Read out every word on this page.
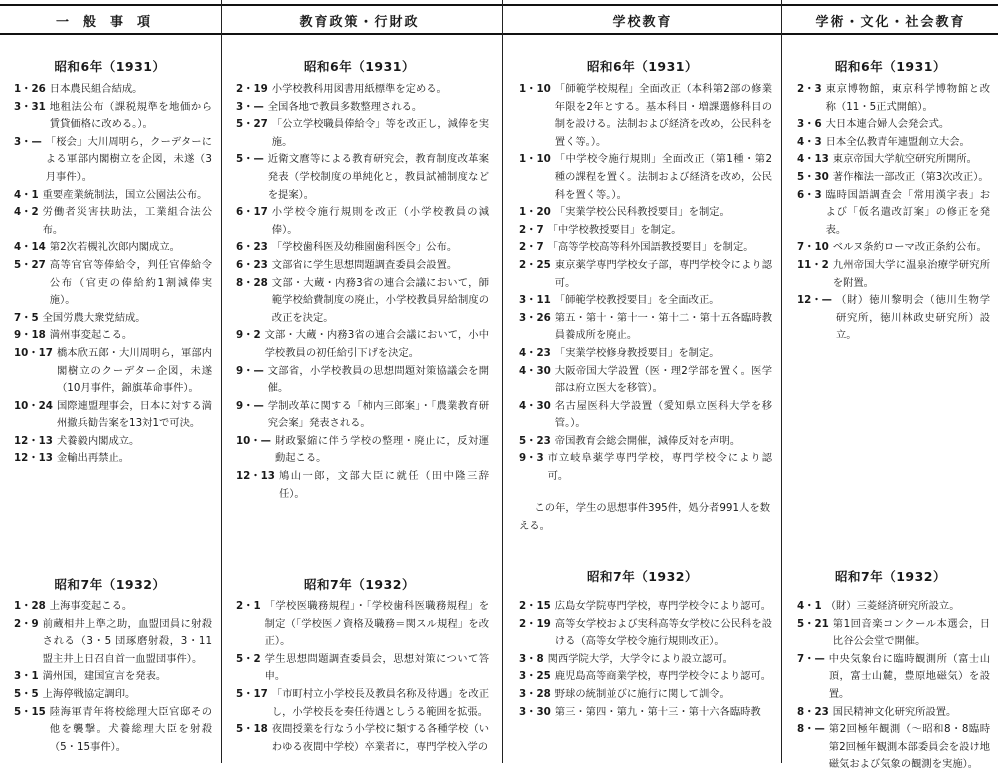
一般事項
昭和6年（1931）
1・26 日本農民組合結成。
3・31 地租法公布（課税規準を地価から賃貸価格に改める。）。
3・— 「桜会」大川周明ら，クーデターによる軍部内閣樹立を企図，未遂（3月事件）。
4・1 重要産業統制法，国立公園法公布。
4・2 労働者災害扶助法，工業組合法公布。
4・14 第2次若槻礼次郎内閣成立。
5・27 高等官官等俸給令，判任官俸給令公布（官吏の俸給約1割減俸実施）。
7・5 全国労農大衆党結成。
9・18 満州事変起こる。
10・17 橋本欣五郎・大川周明ら，軍部内閣樹立のクーデター企図，未遂（10月事件，錦旗革命事件）。
10・24 国際連盟理事会，日本に対する満州撤兵勧告案を13対1で可決。
12・13 犬養毅内閣成立。
12・13 金輸出再禁止。
昭和7年（1932）
1・28 上海事変起こる。
2・9 前蔵相井上準之助，血盟団員に射殺される（3・5 団琢磨射殺，3・11盟主井上日召自首一血盟団事件）。
3・1 満州国，建国宣言を発表。
5・5 上海停戦協定調印。
5・15 陸海軍青年将校総理大臣官邸その他を襲撃。犬養総理大臣を射殺（5・15事件）。
教育政策・行財政
昭和6年（1931）
2・19 小学校教科用図書用紙標準を定める。
3・— 全国各地で教員多数整理される。
5・27 「公立学校職員俸給令」等を改正し，減俸を実施。
5・— 近衛文麿等による教育研究会，教育制度改革案発表（学校制度の単純化と，教員試補制度などを提案）。
6・17 小学校令施行規則を改正（小学校教員の減俸）。
6・23 「学校歯科医及幼稚園歯科医令」公布。
6・23 文部省に学生思想問題調査委員会設置。
8・28 文部・大蔵・内務3省の連合会議において，師範学校給費制度の廃止，小学校教員昇給制度の改正を決定。
9・2 文部・大蔵・内務3省の連合会議において，小中学校教員の初任給引下げを決定。
9・— 文部省，小学校教員の思想問題対策協議会を開催。
9・— 学制改革に関する「柿内三郎案」・「農業教育研究会案」発表される。
10・— 財政緊縮に伴う学校の整理・廃止に，反対運動起こる。
12・13 鳩山一郎，文部大臣に就任（田中隆三辞任）。
昭和7年（1932）
2・1 「学校医職務規程」・「学校歯科医職務規程」を制定（「学校医ノ資格及職務＝関スル規程」を改正）。
5・2 学生思想問題調査委員会，思想対策について答申。
5・17 「市町村立小学校長及教員名称及待遇」を改正し，小学校長を奏任待遇としうる範囲を拡張。
5・18 夜間授業を行なう小学校に類する各種学校（いわゆる夜間中学校）卒業者に，専門学校入学の
学校教育
昭和6年（1931）
1・10 「師範学校規程」全面改正（本科第2部の修業年限を2年とする。基本科目・増課選修科目の制を設ける。法制および経済を改め，公民科を置く等。）。
1・10 「中学校令施行規則」全面改正（第1種・第2種の課程を置く。法制および経済を改め，公民科を置く等。）。
1・20 「実業学校公民科教授要目」を制定。
2・7 「中学校教授要目」を制定。
2・7 「高等学校高等科外国語教授要目」を制定。
2・25 東京薬学専門学校女子部，専門学校令により認可。
3・11 「師範学校教授要目」を全面改正。
3・26 第五・第十・第十一・第十二・第十五各臨時教員養成所を廃止。
4・23 「実業学校修身教授要目」を制定。
4・30 大阪帝国大学設置（医・理2学部を置く。医学部は府立医大を移管）。
4・30 名古屋医科大学設置（愛知県立医科大学を移管。）。
5・23 帝国教育会総会開催，減俸反対を声明。
9・3 市立岐阜薬学専門学校，専門学校令により認可。
この年，学生の思想事件395件，処分者991人を数える。
昭和7年（1932）
2・15 広島女学院専門学校，専門学校令により認可。
2・19 高等女学校および実科高等女学校に公民科を設ける（高等女学校令施行規則改正）。
3・8 関西学院大学，大学令により設立認可。
3・25 鹿児島高等商業学校，専門学校令により認可。
3・28 野球の統制並びに施行に関して訓令。
3・30 第三・第四・第九・第十三・第十六各臨時教
学術・文化・社会教育
昭和6年（1931）
2・3 東京博物館，東京科学博物館と改称（11・5正式開館）。
3・6 大日本連合婦人会発会式。
4・3 日本全仏教青年連盟創立大会。
4・13 東京帝国大学航空研究所開所。
5・30 著作権法一部改正（第3次改正）。
6・3 臨時国語調査会「常用漢字表」および「仮名遣改訂案」の修正を発表。
7・10 ベルヌ条約ローマ改正条約公布。
11・2 九州帝国大学に温泉治療学研究所を附置。
12・— （財）徳川黎明会（徳川生物学研究所，徳川林政史研究所）設立。
昭和7年（1932）
4・1 （財）三菱経済研究所設立。
5・21 第1回音楽コンクール本選会，日比谷公会堂で開催。
7・— 中央気象台に臨時観測所（富士山頂，富士山麓，豊原地磁気）を設置。
8・23 国民精神文化研究所設置。
8・— 第2回極年観測（〜昭和8・8臨時第2回極年観測本部委員会を設け地磁気および気象の観測を実施）。
